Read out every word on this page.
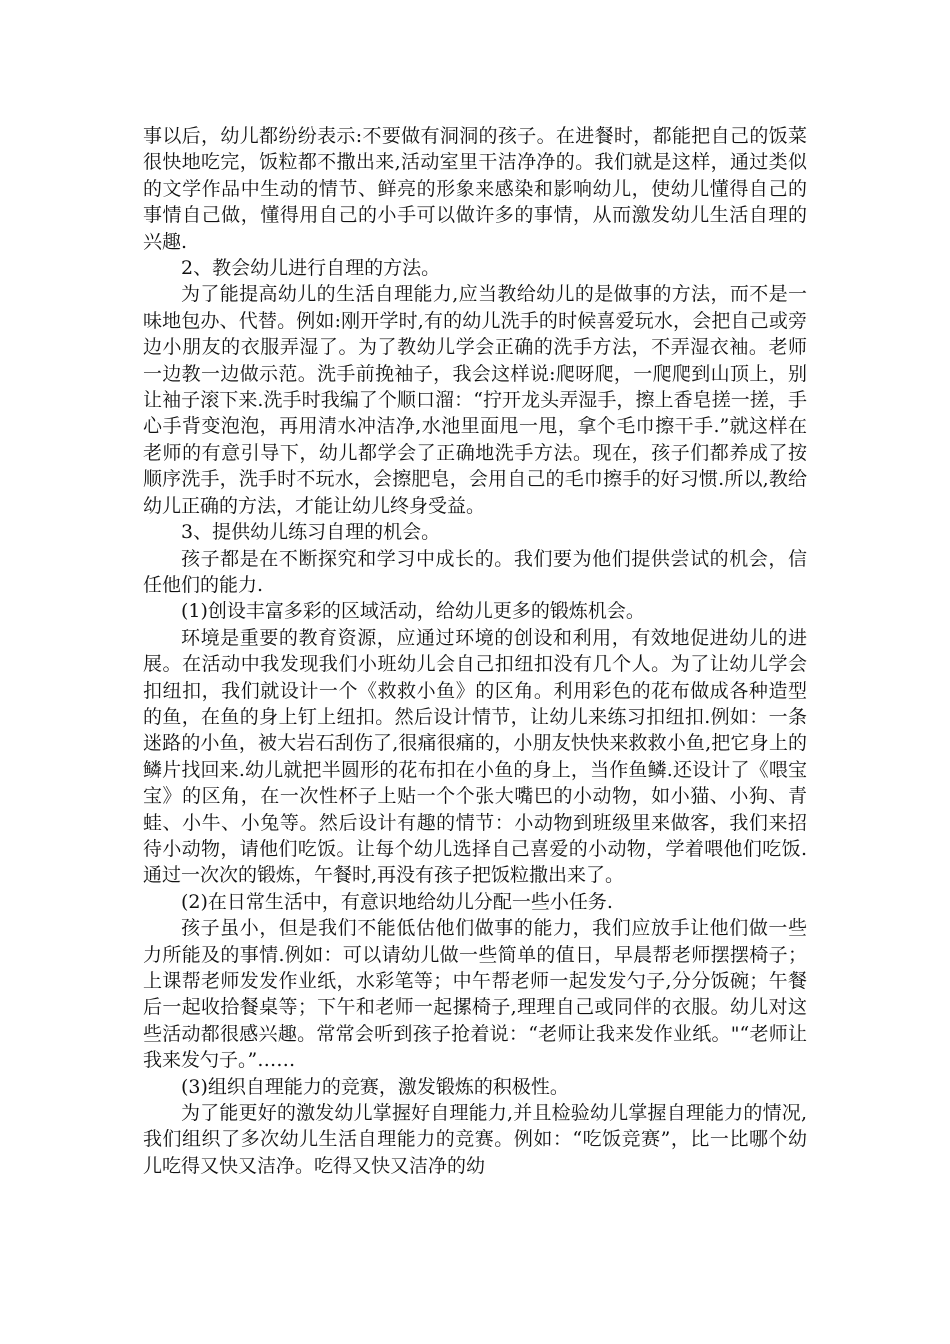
事以后，幼儿都纷纷表示:不要做有洞洞的孩子。在进餐时，都能把自己的饭菜很快地吃完，饭粒都不撒出来,活动室里干洁净净的。我们就是这样，通过类似的文学作品中生动的情节、鲜亮的形象来感染和影响幼儿，使幼儿懂得自己的事情自己做，懂得用自己的小手可以做许多的事情，从而激发幼儿生活自理的兴趣.

2、教会幼儿进行自理的方法。

为了能提高幼儿的生活自理能力,应当教给幼儿的是做事的方法，而不是一味地包办、代替。例如:刚开学时,有的幼儿洗手的时候喜爱玩水，会把自己或旁边小朋友的衣服弄湿了。为了教幼儿学会正确的洗手方法，不弄湿衣袖。老师一边教一边做示范。洗手前挽袖子，我会这样说:爬呀爬，一爬爬到山顶上，别让袖子滚下来.洗手时我编了个顺口溜：“拧开龙头弄湿手，擦上香皂搓一搓，手心手背变泡泡，再用清水冲洁净,水池里面甩一甩，拿个毛巾擦干手.”就这样在老师的有意引导下，幼儿都学会了正确地洗手方法。现在，孩子们都养成了按顺序洗手，洗手时不玩水，会擦肥皂，会用自己的毛巾擦手的好习惯.所以,教给幼儿正确的方法，才能让幼儿终身受益。

3、提供幼儿练习自理的机会。

孩子都是在不断探究和学习中成长的。我们要为他们提供尝试的机会，信任他们的能力.

(1)创设丰富多彩的区域活动，给幼儿更多的锻炼机会。

环境是重要的教育资源，应通过环境的创设和利用，有效地促进幼儿的进展。在活动中我发现我们小班幼儿会自己扣纽扣没有几个人。为了让幼儿学会扣纽扣，我们就设计一个《救救小鱼》的区角。利用彩色的花布做成各种造型的鱼，在鱼的身上钉上纽扣。然后设计情节，让幼儿来练习扣纽扣.例如：一条迷路的小鱼，被大岩石刮伤了,很痛很痛的，小朋友快快来救救小鱼,把它身上的鳞片找回来.幼儿就把半圆形的花布扣在小鱼的身上，当作鱼鳞.还设计了《喂宝宝》的区角，在一次性杯子上贴一个个张大嘴巴的小动物，如小猫、小狗、青蛙、小牛、小兔等。然后设计有趣的情节：小动物到班级里来做客，我们来招待小动物，请他们吃饭。让每个幼儿选择自己喜爱的小动物，学着喂他们吃饭.通过一次次的锻炼，午餐时,再没有孩子把饭粒撒出来了。

(2)在日常生活中，有意识地给幼儿分配一些小任务.

孩子虽小，但是我们不能低估他们做事的能力，我们应放手让他们做一些力所能及的事情.例如：可以请幼儿做一些简单的值日，早晨帮老师摆摆椅子；上课帮老师发发作业纸，水彩笔等；中午帮老师一起发发勺子,分分饭碗；午餐后一起收拾餐桌等；下午和老师一起摞椅子,理理自己或同伴的衣服。幼儿对这些活动都很感兴趣。常常会听到孩子抢着说：“老师让我来发作业纸。"“老师让我来发勺子。”……

(3)组织自理能力的竞赛，激发锻炼的积极性。

为了能更好的激发幼儿掌握好自理能力,并且检验幼儿掌握自理能力的情况,我们组织了多次幼儿生活自理能力的竞赛。例如：“吃饭竞赛”，比一比哪个幼儿吃得又快又洁净。吃得又快又洁净的幼
